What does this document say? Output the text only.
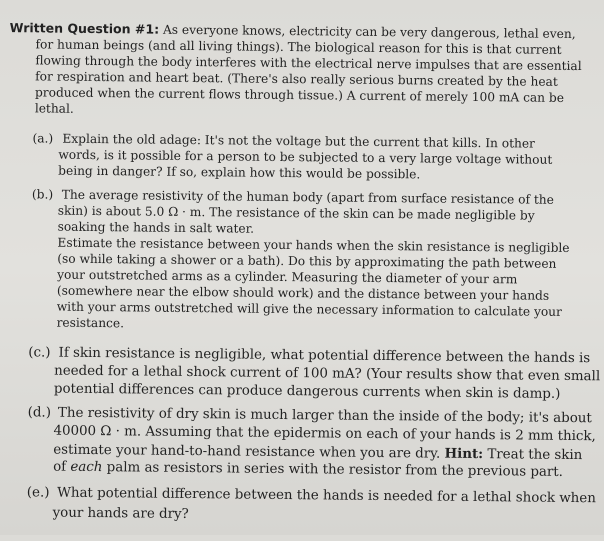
Written Question #1: As everyone knows, electricity can be very dangerous, lethal even,
for human beings (and all living things). The biological reason for this is that current
flowing through the body interferes with the electrical nerve impulses that are essential
for respiration and heart beat. (There's also really serious burns created by the heat
produced when the current flows through tissue.) A current of merely 100 mA can be
lethal.
(a.) Explain the old adage: It's not the voltage but the current that kills. In other
words, is it possible for a person to be subjected to a very large voltage without
being in danger? If so, explain how this would be possible.
(b.) The average resistivity of the human body (apart from surface resistance of the
skin) is about 5.0 Ω · m. The resistance of the skin can be made negligible by
soaking the hands in salt water.
Estimate the resistance between your hands when the skin resistance is negligible
(so while taking a shower or a bath). Do this by approximating the path between
your outstretched arms as a cylinder. Measuring the diameter of your arm
(somewhere near the elbow should work) and the distance between your hands
with your arms outstretched will give the necessary information to calculate your
resistance.
(c.) If skin resistance is negligible, what potential difference between the hands is
needed for a lethal shock current of 100 mA? (Your results show that even small
potential differences can produce dangerous currents when skin is damp.)
(d.) The resistivity of dry skin is much larger than the inside of the body; it's about
40000 Ω · m. Assuming that the epidermis on each of your hands is 2 mm thick,
estimate your hand-to-hand resistance when you are dry. Hint: Treat the skin
of each palm as resistors in series with the resistor from the previous part.
(e.) What potential difference between the hands is needed for a lethal shock when
your hands are dry?
